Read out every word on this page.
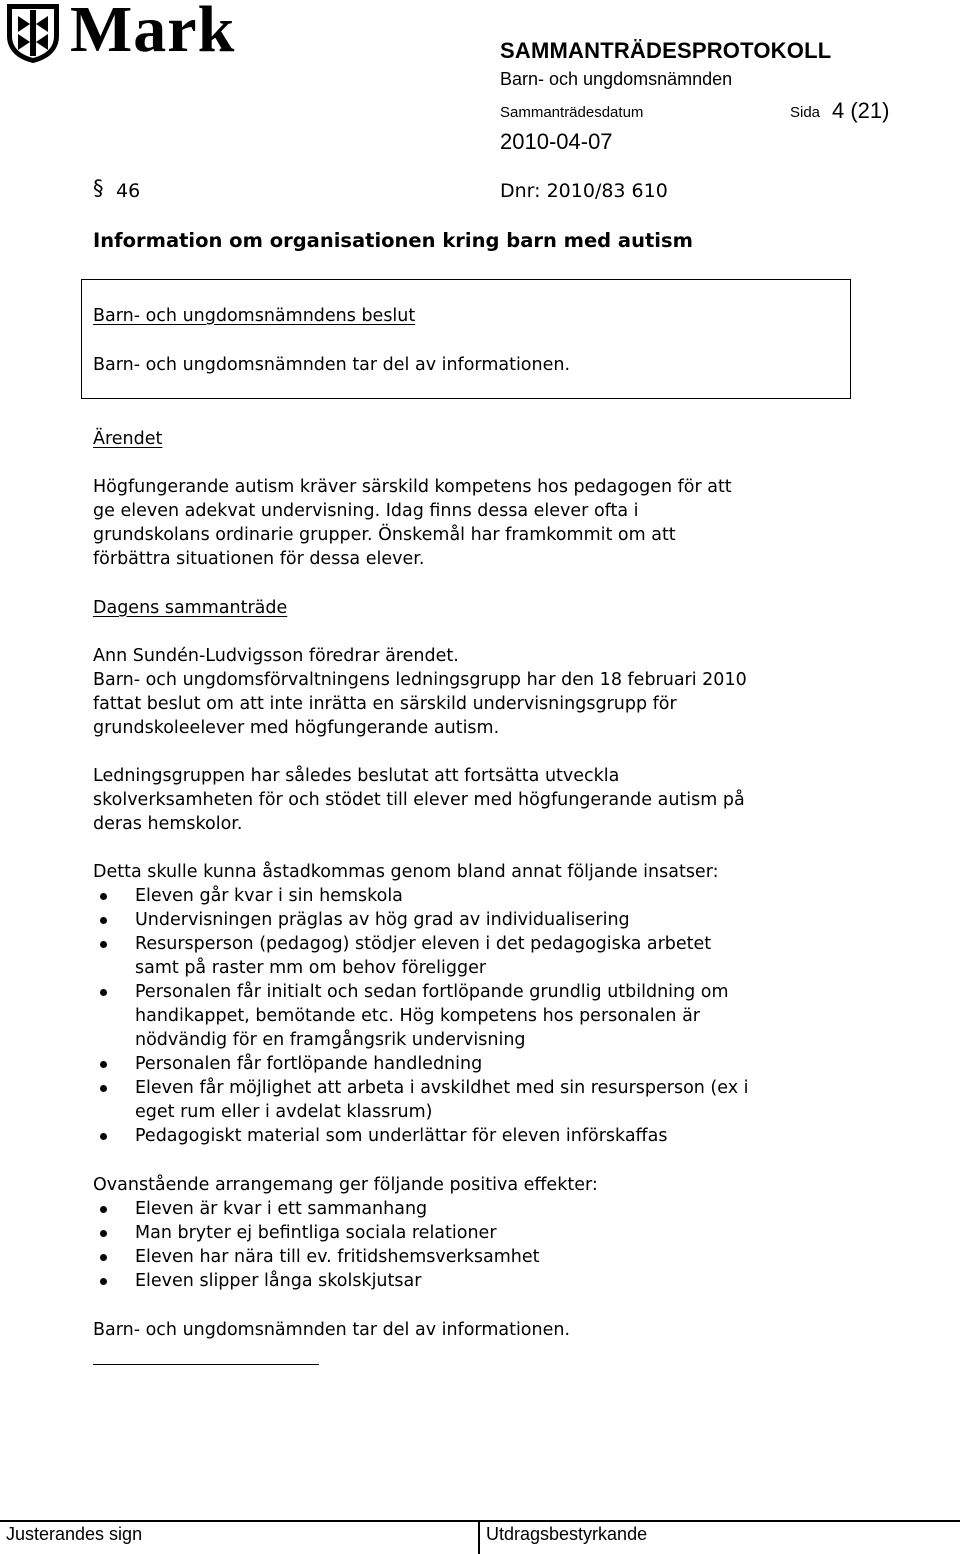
Mark	SAMMANTRÄDESPROTOKOLL
Barn- och ungdomsnämnden
Sammanträdesdatum	Sida 4 (21)
2010-04-07
§ 46	Dnr: 2010/83 610
Information om organisationen kring barn med autism
Barn- och ungdomsnämndens beslut
Barn- och ungdomsnämnden tar del av informationen.
Ärendet
Högfungerande autism kräver särskild kompetens hos pedagogen för att
ge eleven adekvat undervisning. Idag finns dessa elever ofta i
grundskolans ordinarie grupper. Önskemål har framkommit om att
förbättra situationen för dessa elever.
Dagens sammanträde
Ann Sundén-Ludvigsson föredrar ärendet.
Barn- och ungdomsförvaltningens ledningsgrupp har den 18 februari 2010
fattat beslut om att inte inrätta en särskild undervisningsgrupp för
grundskoleelever med högfungerande autism.
Ledningsgruppen har således beslutat att fortsätta utveckla
skolverksamheten för och stödet till elever med högfungerande autism på
deras hemskolor.
Detta skulle kunna åstadkommas genom bland annat följande insatser:
Eleven går kvar i sin hemskola
Undervisningen präglas av hög grad av individualisering
Resursperson (pedagog) stödjer eleven i det pedagogiska arbetet
samt på raster mm om behov föreligger
Personalen får initialt och sedan fortlöpande grundlig utbildning om
handikappet, bemötande etc. Hög kompetens hos personalen är
nödvändig för en framgångsrik undervisning
Personalen får fortlöpande handledning
Eleven får möjlighet att arbeta i avskildhet med sin resursperson (ex i
eget rum eller i avdelat klassrum)
Pedagogiskt material som underlättar för eleven införskaffas
Ovanstående arrangemang ger följande positiva effekter:
Eleven är kvar i ett sammanhang
Man bryter ej befintliga sociala relationer
Eleven har nära till ev. fritidshemsverksamhet
Eleven slipper långa skolskjutsar
Barn- och ungdomsnämnden tar del av informationen.
Justerandes sign	Utdragsbestyrkande
